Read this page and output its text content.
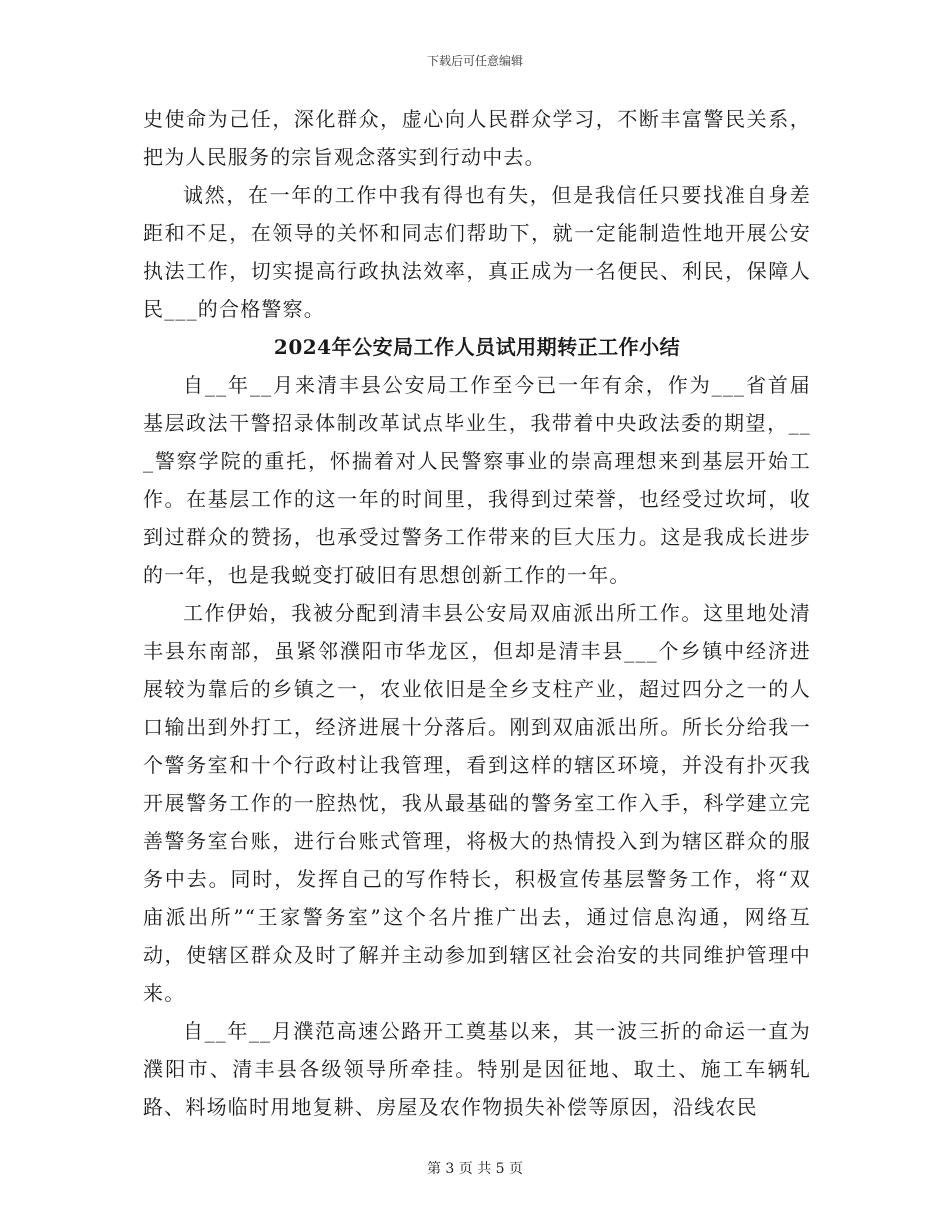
下载后可任意编辑

史使命为己任，深化群众，虚心向人民群众学习，不断丰富警民关系，把为人民服务的宗旨观念落实到行动中去。

诚然，在一年的工作中我有得也有失，但是我信任只要找准自身差距和不足，在领导的关怀和同志们帮助下，就一定能制造性地开展公安执法工作，切实提高行政执法效率，真正成为一名便民、利民，保障人民___的合格警察。

2024年公安局工作人员试用期转正工作小结

自__年__月来清丰县公安局工作至今已一年有余，作为___省首届基层政法干警招录体制改革试点毕业生，我带着中央政法委的期望，___警察学院的重托，怀揣着对人民警察事业的崇高理想来到基层开始工作。在基层工作的这一年的时间里，我得到过荣誉，也经受过坎坷，收到过群众的赞扬，也承受过警务工作带来的巨大压力。这是我成长进步的一年，也是我蜕变打破旧有思想创新工作的一年。

工作伊始，我被分配到清丰县公安局双庙派出所工作。这里地处清丰县东南部，虽紧邻濮阳市华龙区，但却是清丰县___个乡镇中经济进展较为靠后的乡镇之一，农业依旧是全乡支柱产业，超过四分之一的人口输出到外打工，经济进展十分落后。刚到双庙派出所。所长分给我一个警务室和十个行政村让我管理，看到这样的辖区环境，并没有扑灭我开展警务工作的一腔热忱，我从最基础的警务室工作入手，科学建立完善警务室台账，进行台账式管理，将极大的热情投入到为辖区群众的服务中去。同时，发挥自己的写作特长，积极宣传基层警务工作，将“双庙派出所”“王家警务室”这个名片推广出去，通过信息沟通，网络互动，使辖区群众及时了解并主动参加到辖区社会治安的共同维护管理中来。

自__年__月濮范高速公路开工奠基以来，其一波三折的命运一直为濮阳市、清丰县各级领导所牵挂。特别是因征地、取土、施工车辆轧路、料场临时用地复耕、房屋及农作物损失补偿等原因，沿线农民

第 3 页 共 5 页
